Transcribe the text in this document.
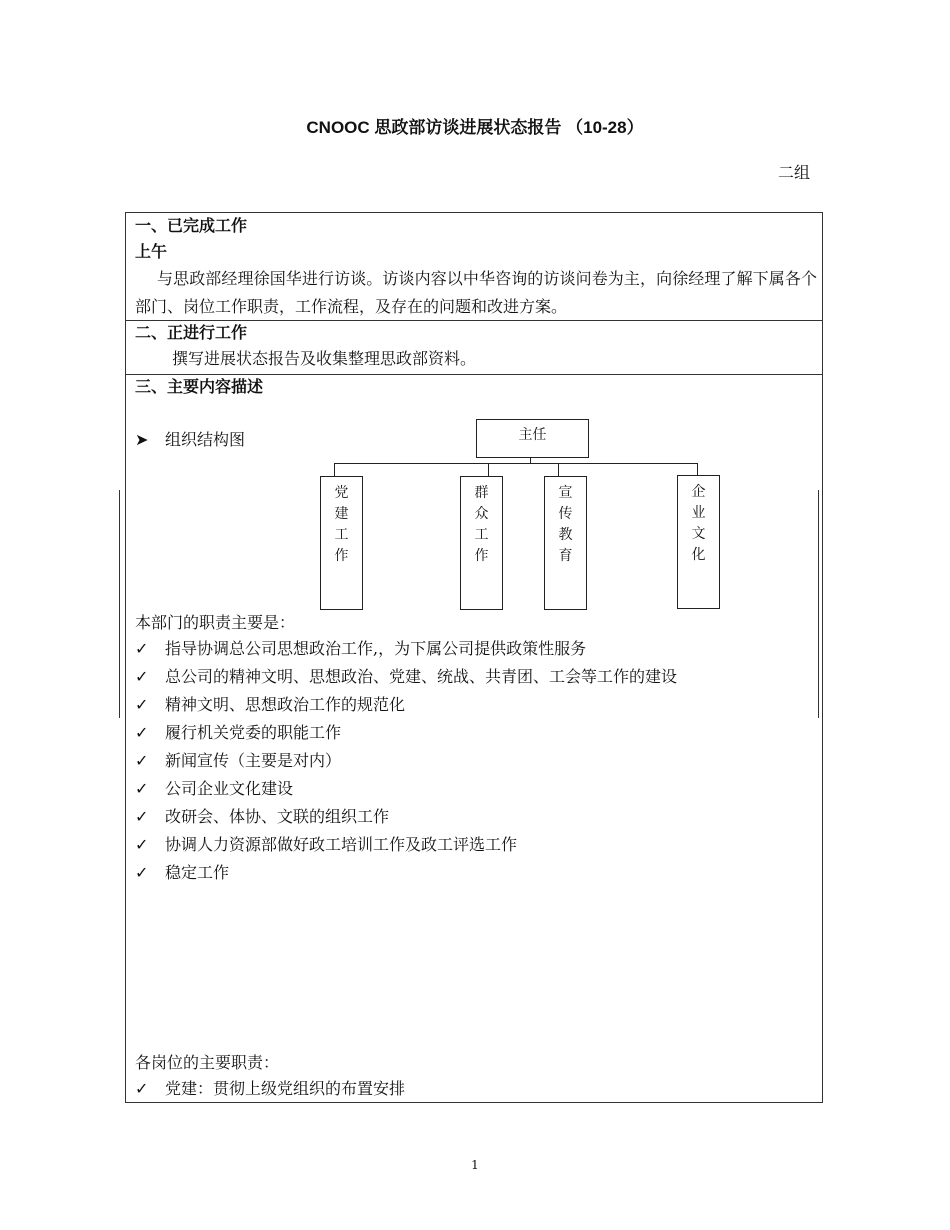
CNOOC 思政部访谈进展状态报告 （10-28）
二组
一、已完成工作
上午
与思政部经理徐国华进行访谈。访谈内容以中华咨询的访谈问卷为主，向徐经理了解下属各个部门、岗位工作职责，工作流程，及存在的问题和改进方案。
二、正进行工作
撰写进展状态报告及收集整理思政部资料。
三、主要内容描述
➤ 组织结构图
本部门的职责主要是：
✓ 指导协调总公司思想政治工作,，为下属公司提供政策性服务
✓ 总公司的精神文明、思想政治、党建、统战、共青团、工会等工作的建设
✓ 精神文明、思想政治工作的规范化
✓ 履行机关党委的职能工作
✓ 新闻宣传（主要是对内）
✓ 公司企业文化建设
✓ 改研会、体协、文联的组织工作
✓ 协调人力资源部做好政工培训工作及政工评选工作
✓ 稳定工作
各岗位的主要职责：
✓ 党建：贯彻上级党组织的布置安排
主任
党
建
工
作
群
众
工
作
宣
传
教
育
企
业
文
化
1
